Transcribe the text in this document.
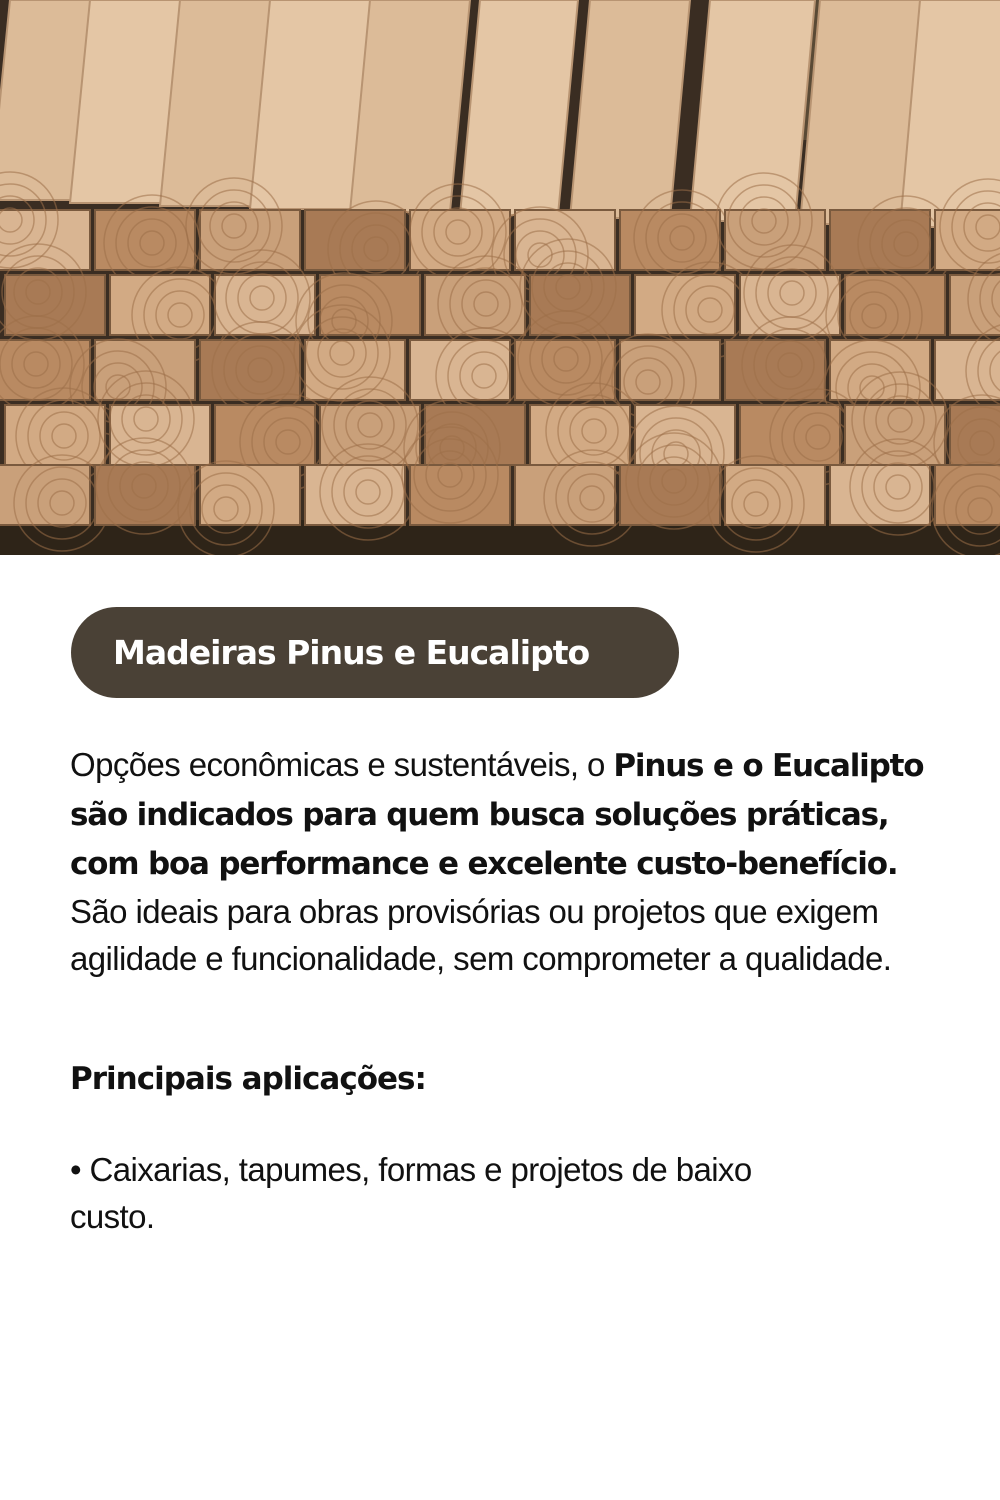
Madeiras Pinus e Eucalipto

Opções econômicas e sustentáveis, o Pinus e o Eucalipto são indicados para quem busca soluções práticas, com boa performance e excelente custo-benefício. São ideais para obras provisórias ou projetos que exigem agilidade e funcionalidade, sem comprometer a qualidade.

Principais aplicações:

• Caixarias, tapumes, formas e projetos de baixo custo.
